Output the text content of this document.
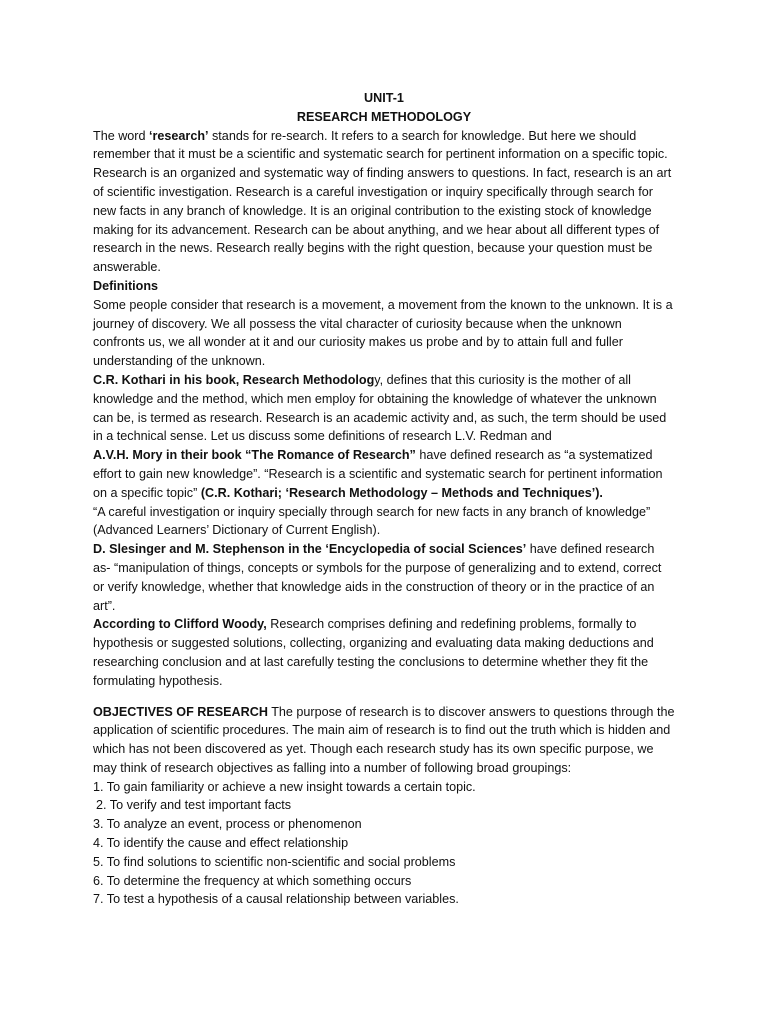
UNIT-1

RESEARCH METHODOLOGY

The word ‘research’ stands for re-search. It refers to a search for knowledge. But here we should remember that it must be a scientific and systematic search for pertinent information on a specific topic. Research is an organized and systematic way of finding answers to questions. In fact, research is an art of scientific investigation. Research is a careful investigation or inquiry specifically through search for new facts in any branch of knowledge. It is an original contribution to the existing stock of knowledge making for its advancement. Research can be about anything, and we hear about all different types of research in the news. Research really begins with the right question, because your question must be answerable.

Definitions

Some people consider that research is a movement, a movement from the known to the unknown. It is a journey of discovery. We all possess the vital character of curiosity because when the unknown confronts us, we all wonder at it and our curiosity makes us probe and by to attain full and fuller understanding of the unknown.

C.R. Kothari in his book, Research Methodology, defines that this curiosity is the mother of all knowledge and the method, which men employ for obtaining the knowledge of whatever the unknown can be, is termed as research. Research is an academic activity and, as such, the term should be used in a technical sense. Let us discuss some definitions of research L.V. Redman and

A.V.H. Mory in their book “The Romance of Research” have defined research as “a systematized effort to gain new knowledge”. “Research is a scientific and systematic search for pertinent information on a specific topic” (C.R. Kothari; ‘Research Methodology – Methods and Techniques’).

“A careful investigation or inquiry specially through search for new facts in any branch of knowledge” (Advanced Learners’ Dictionary of Current English).

D. Slesinger and M. Stephenson in the ‘Encyclopedia of social Sciences’ have defined research as- “manipulation of things, concepts or symbols for the purpose of generalizing and to extend, correct or verify knowledge, whether that knowledge aids in the construction of theory or in the practice of an art”.

According to Clifford Woody, Research comprises defining and redefining problems, formally to hypothesis or suggested solutions, collecting, organizing and evaluating data making deductions and researching conclusion and at last carefully testing the conclusions to determine whether they fit the formulating hypothesis.

OBJECTIVES OF RESEARCH The purpose of research is to discover answers to questions through the application of scientific procedures. The main aim of research is to find out the truth which is hidden and which has not been discovered as yet. Though each research study has its own specific purpose, we may think of research objectives as falling into a number of following broad groupings:

1. To gain familiarity or achieve a new insight towards a certain topic.

2. To verify and test important facts

3. To analyze an event, process or phenomenon

4. To identify the cause and effect relationship

5. To find solutions to scientific non-scientific and social problems

6. To determine the frequency at which something occurs

7. To test a hypothesis of a causal relationship between variables.
